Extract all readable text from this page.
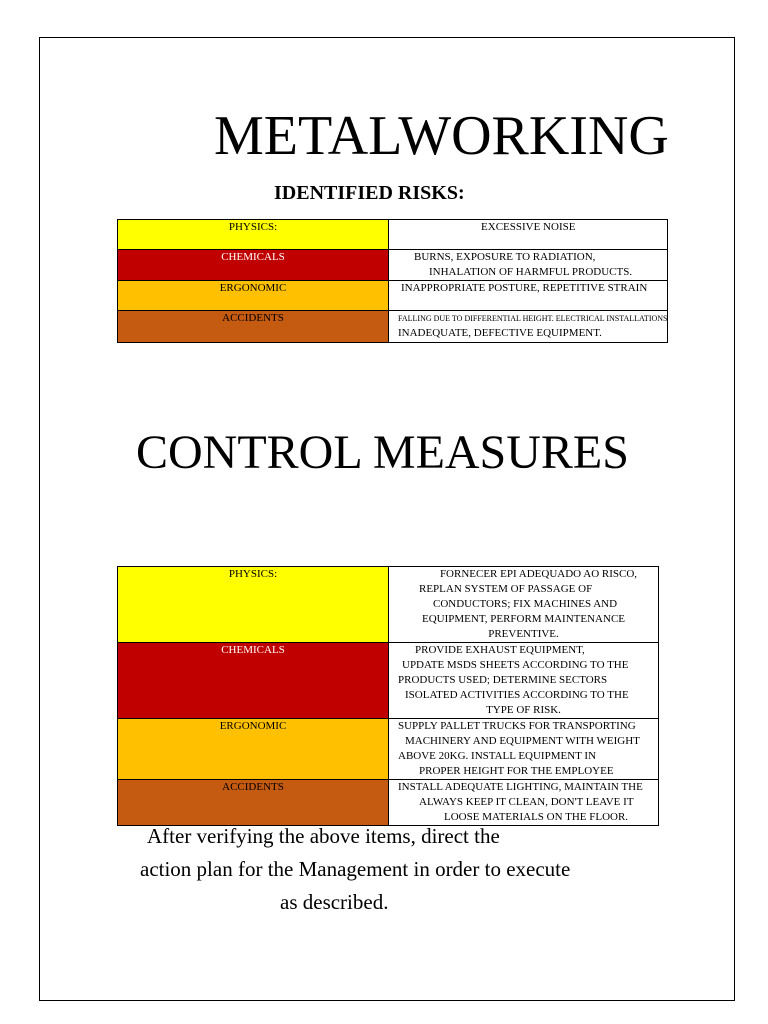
METALWORKING
IDENTIFIED RISKS:
PHYSICS:	EXCESSIVE NOISE

CHEMICALS	BURNS, EXPOSURE TO RADIATION,
INHALATION OF HARMFUL PRODUCTS.

ERGONOMIC	INAPPROPRIATE POSTURE, REPETITIVE STRAIN

ACCIDENTS	FALLING DUE TO DIFFERENTIAL HEIGHT. ELECTRICAL INSTALLATIONS
INADEQUATE, DEFECTIVE EQUIPMENT.
CONTROL MEASURES
PHYSICS:	FORNECER EPI ADEQUADO AO RISCO,
REPLAN SYSTEM OF PASSAGE OF
CONDUCTORS; FIX MACHINES AND
EQUIPMENT, PERFORM MAINTENANCE
PREVENTIVE.

CHEMICALS	PROVIDE EXHAUST EQUIPMENT,
UPDATE MSDS SHEETS ACCORDING TO THE
PRODUCTS USED; DETERMINE SECTORS
ISOLATED ACTIVITIES ACCORDING TO THE
TYPE OF RISK.

ERGONOMIC	SUPPLY PALLET TRUCKS FOR TRANSPORTING
MACHINERY AND EQUIPMENT WITH WEIGHT
ABOVE 20KG. INSTALL EQUIPMENT IN
PROPER HEIGHT FOR THE EMPLOYEE

ACCIDENTS	INSTALL ADEQUATE LIGHTING, MAINTAIN THE
ALWAYS KEEP IT CLEAN, DON'T LEAVE IT
LOOSE MATERIALS ON THE FLOOR.
After verifying the above items, direct the
action plan for the Management in order to execute
as described.
